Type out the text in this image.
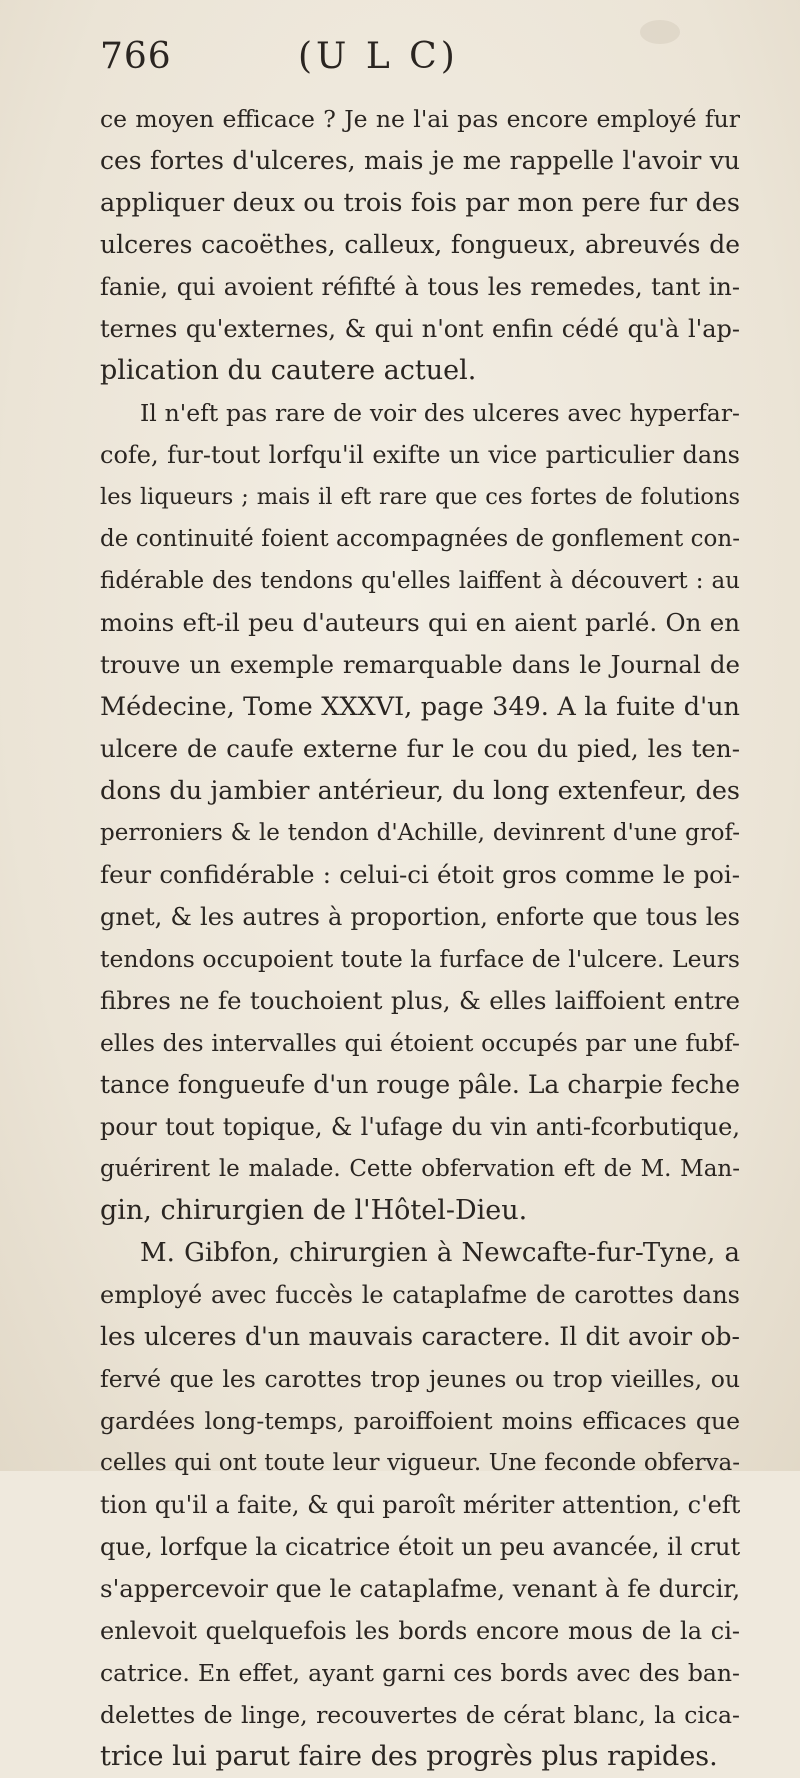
766	(U L C)
ce moyen efficace ? Je ne l'ai pas encore employé fur
ces fortes d'ulceres, mais je me rappelle l'avoir vu
appliquer deux ou trois fois par mon pere fur des
ulceres cacoëthes, calleux, fongueux, abreuvés de
fanie, qui avoient réfifté à tous les remedes, tant in-
ternes qu'externes, & qui n'ont enfin cédé qu'à l'ap-
plication du cautere actuel.
Il n'eft pas rare de voir des ulceres avec hyperfar-
cofe, fur-tout lorfqu'il exifte un vice particulier dans
les liqueurs ; mais il eft rare que ces fortes de folutions
de continuité foient accompagnées de gonflement con-
fidérable des tendons qu'elles laiffent à découvert : au
moins eft-il peu d'auteurs qui en aient parlé. On en
trouve un exemple remarquable dans le Journal de
Médecine, Tome XXXVI, page 349. A la fuite d'un
ulcere de caufe externe fur le cou du pied, les ten-
dons du jambier antérieur, du long extenfeur, des
perroniers & le tendon d'Achille, devinrent d'une grof-
feur confidérable : celui-ci étoit gros comme le poi-
gnet, & les autres à proportion, enforte que tous les
tendons occupoient toute la furface de l'ulcere. Leurs
fibres ne fe touchoient plus, & elles laiffoient entre
elles des intervalles qui étoient occupés par une fubf-
tance fongueufe d'un rouge pâle. La charpie feche
pour tout topique, & l'ufage du vin anti-fcorbutique,
guérirent le malade. Cette obfervation eft de M. Man-
gin, chirurgien de l'Hôtel-Dieu.
M. Gibfon, chirurgien à Newcafte-fur-Tyne, a
employé avec fuccès le cataplafme de carottes dans
les ulceres d'un mauvais caractere. Il dit avoir ob-
fervé que les carottes trop jeunes ou trop vieilles, ou
gardées long-temps, paroiffoient moins efficaces que
celles qui ont toute leur vigueur. Une feconde obferva-
tion qu'il a faite, & qui paroît mériter attention, c'eft
que, lorfque la cicatrice étoit un peu avancée, il crut
s'appercevoir que le cataplafme, venant à fe durcir,
enlevoit quelquefois les bords encore mous de la ci-
catrice. En effet, ayant garni ces bords avec des ban-
delettes de linge, recouvertes de cérat blanc, la cica-
trice lui parut faire des progrès plus rapides.
